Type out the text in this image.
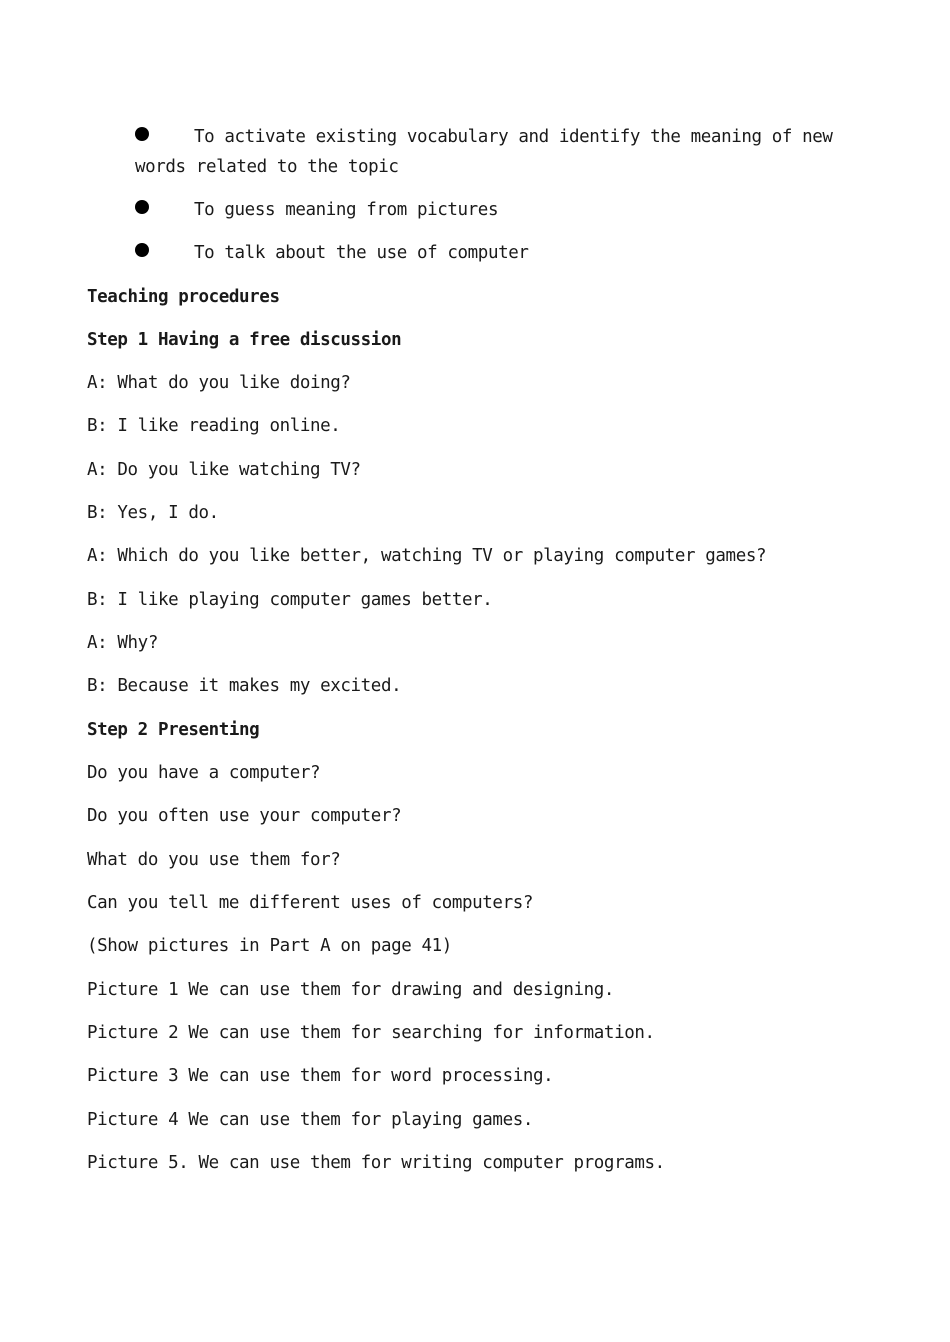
To activate existing vocabulary and identify the meaning of new words related to the topic
To guess meaning from pictures
To talk about the use of computer
Teaching procedures
Step 1 Having a free discussion
A: What do you like doing?
B: I like reading online.
A: Do you like watching TV?
B: Yes, I do.
A: Which do you like better, watching TV or playing computer games?
B: I like playing computer games better.
A: Why?
B: Because it makes my excited.
Step 2 Presenting
Do you have a computer?
Do you often use your computer?
What do you use them for?
Can you tell me different uses of computers?
(Show pictures in Part A on page 41)
Picture 1 We can use them for drawing and designing.
Picture 2 We can use them for searching for information.
Picture 3 We can use them for word processing.
Picture 4 We can use them for playing games.
Picture 5. We can use them for writing computer programs.
